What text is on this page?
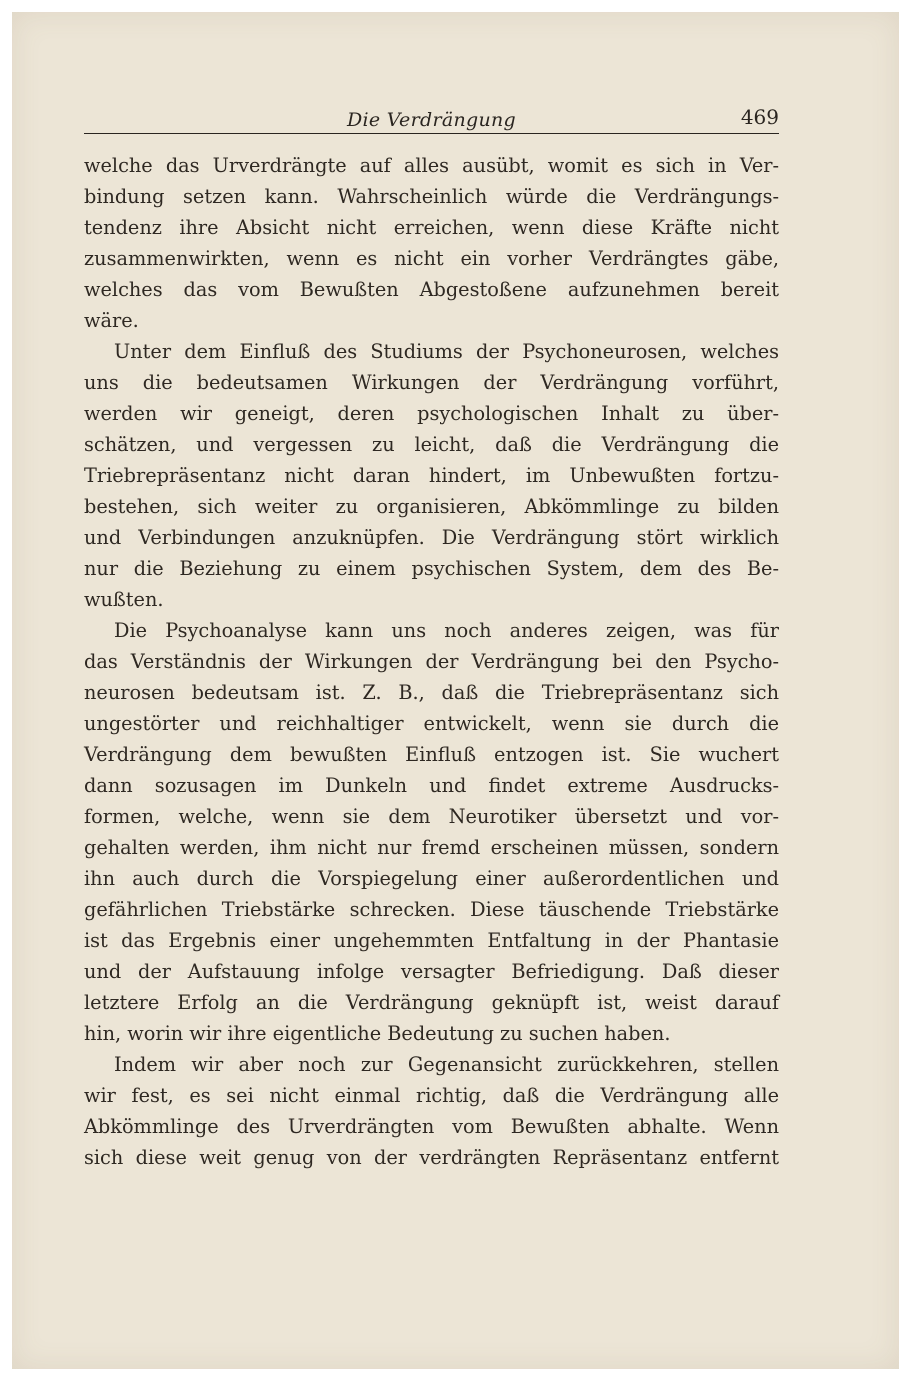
Die Verdrängung	469
welche das Urverdrängte auf alles ausübt, womit es sich in Ver-
bindung setzen kann. Wahrscheinlich würde die Verdrängungs-
tendenz ihre Absicht nicht erreichen, wenn diese Kräfte nicht
zusammenwirkten, wenn es nicht ein vorher Verdrängtes gäbe,
welches das vom Bewußten Abgestoßene aufzunehmen bereit
wäre.
Unter dem Einfluß des Studiums der Psychoneurosen, welches
uns die bedeutsamen Wirkungen der Verdrängung vorführt,
werden wir geneigt, deren psychologischen Inhalt zu über-
schätzen, und vergessen zu leicht, daß die Verdrängung die
Triebrepräsentanz nicht daran hindert, im Unbewußten fortzu-
bestehen, sich weiter zu organisieren, Abkömmlinge zu bilden
und Verbindungen anzuknüpfen. Die Verdrängung stört wirklich
nur die Beziehung zu einem psychischen System, dem des Be-
wußten.
Die Psychoanalyse kann uns noch anderes zeigen, was für
das Verständnis der Wirkungen der Verdrängung bei den Psycho-
neurosen bedeutsam ist. Z. B., daß die Triebrepräsentanz sich
ungestörter und reichhaltiger entwickelt, wenn sie durch die
Verdrängung dem bewußten Einfluß entzogen ist. Sie wuchert
dann sozusagen im Dunkeln und findet extreme Ausdrucks-
formen, welche, wenn sie dem Neurotiker übersetzt und vor-
gehalten werden, ihm nicht nur fremd erscheinen müssen, sondern
ihn auch durch die Vorspiegelung einer außerordentlichen und
gefährlichen Triebstärke schrecken. Diese täuschende Triebstärke
ist das Ergebnis einer ungehemmten Entfaltung in der Phantasie
und der Aufstauung infolge versagter Befriedigung. Daß dieser
letztere Erfolg an die Verdrängung geknüpft ist, weist darauf
hin, worin wir ihre eigentliche Bedeutung zu suchen haben.
Indem wir aber noch zur Gegenansicht zurückkehren, stellen
wir fest, es sei nicht einmal richtig, daß die Verdrängung alle
Abkömmlinge des Urverdrängten vom Bewußten abhalte. Wenn
sich diese weit genug von der verdrängten Repräsentanz entfernt
